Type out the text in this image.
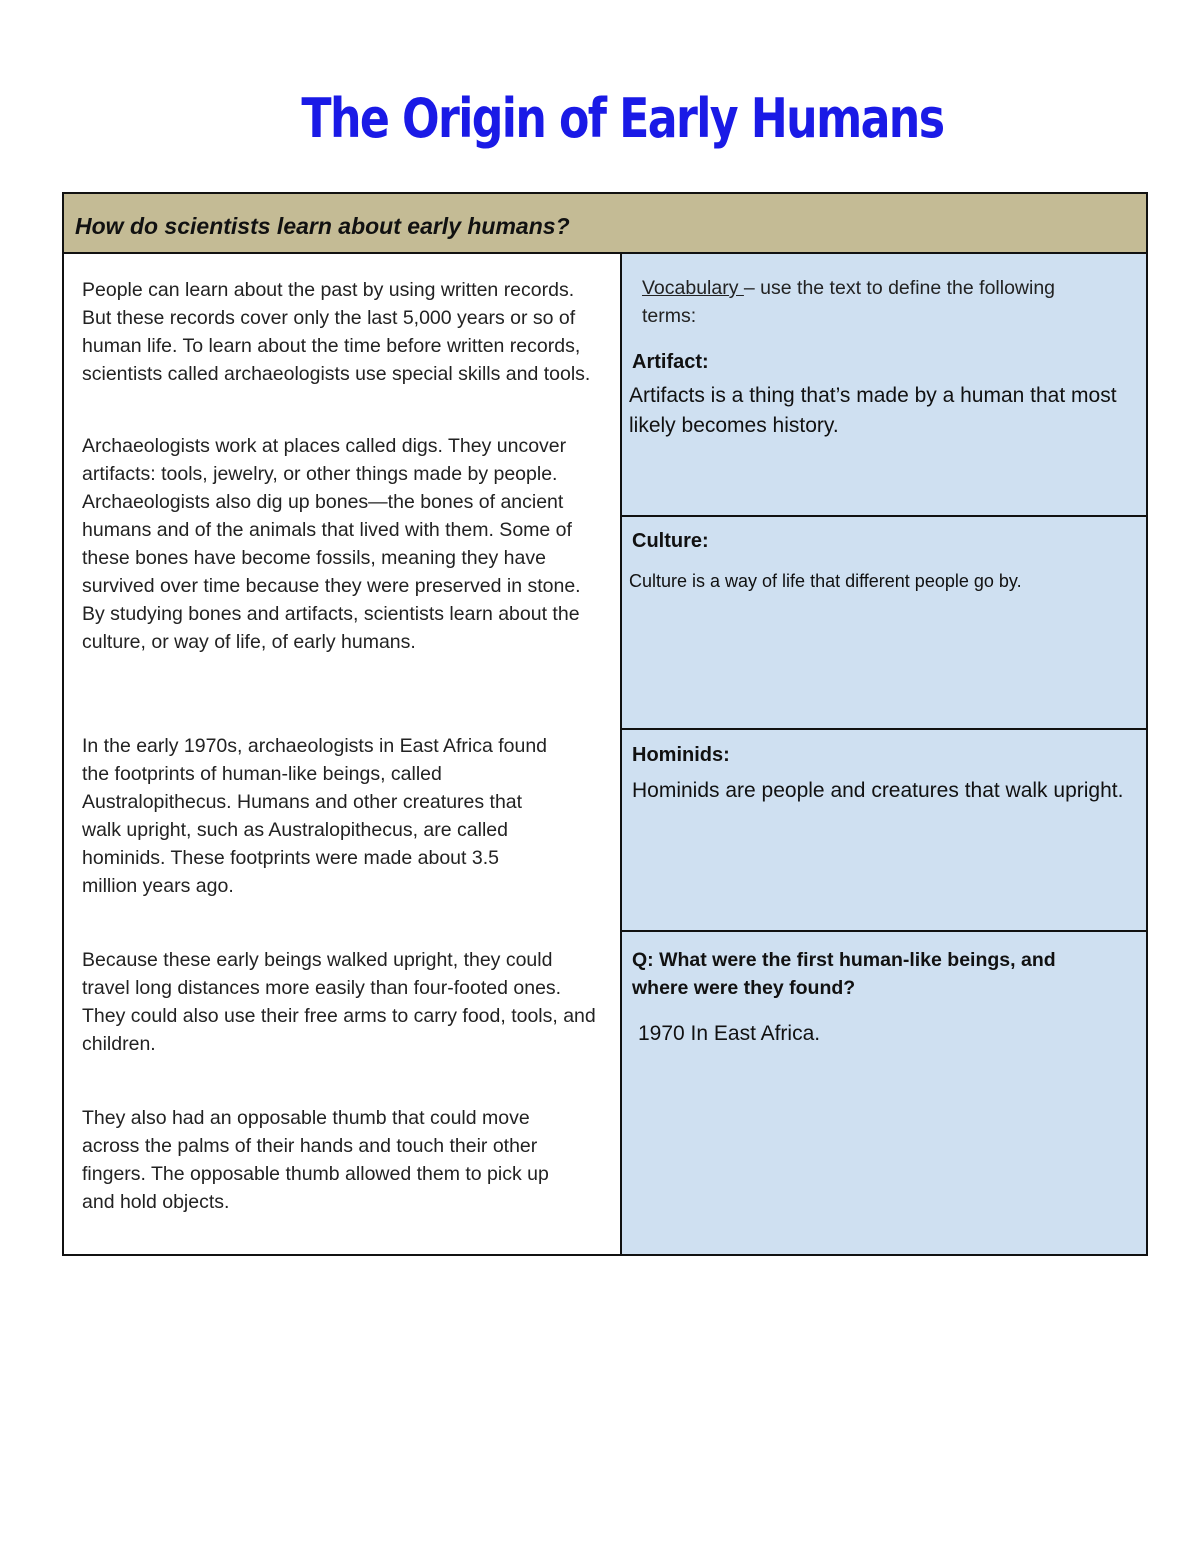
The Origin of Early Humans
How do scientists learn about early humans?

People can learn about the past by using written records. But these records cover only the last 5,000 years or so of human life. To learn about the time before written records, scientists called archaeologists use special skills and tools.

Archaeologists work at places called digs. They uncover artifacts: tools, jewelry, or other things made by people. Archaeologists also dig up bones—the bones of ancient humans and of the animals that lived with them. Some of these bones have become fossils, meaning they have survived over time because they were preserved in stone. By studying bones and artifacts, scientists learn about the culture, or way of life, of early humans.

In the early 1970s, archaeologists in East Africa found the footprints of human-like beings, called Australopithecus. Humans and other creatures that walk upright, such as Australopithecus, are called hominids. These footprints were made about 3.5 million years ago.

Because these early beings walked upright, they could travel long distances more easily than four-footed ones. They could also use their free arms to carry food, tools, and children.

They also had an opposable thumb that could move across the palms of their hands and touch their other fingers. The opposable thumb allowed them to pick up and hold objects.

Vocabulary – use the text to define the following terms:
Artifact:
Artifacts is a thing that’s made by a human that most likely becomes history.
Culture:
Culture is a way of life that different people go by.
Hominids:
Hominids are people and creatures that walk upright.
Q: What were the first human-like beings, and where were they found?
1970 In East Africa.
